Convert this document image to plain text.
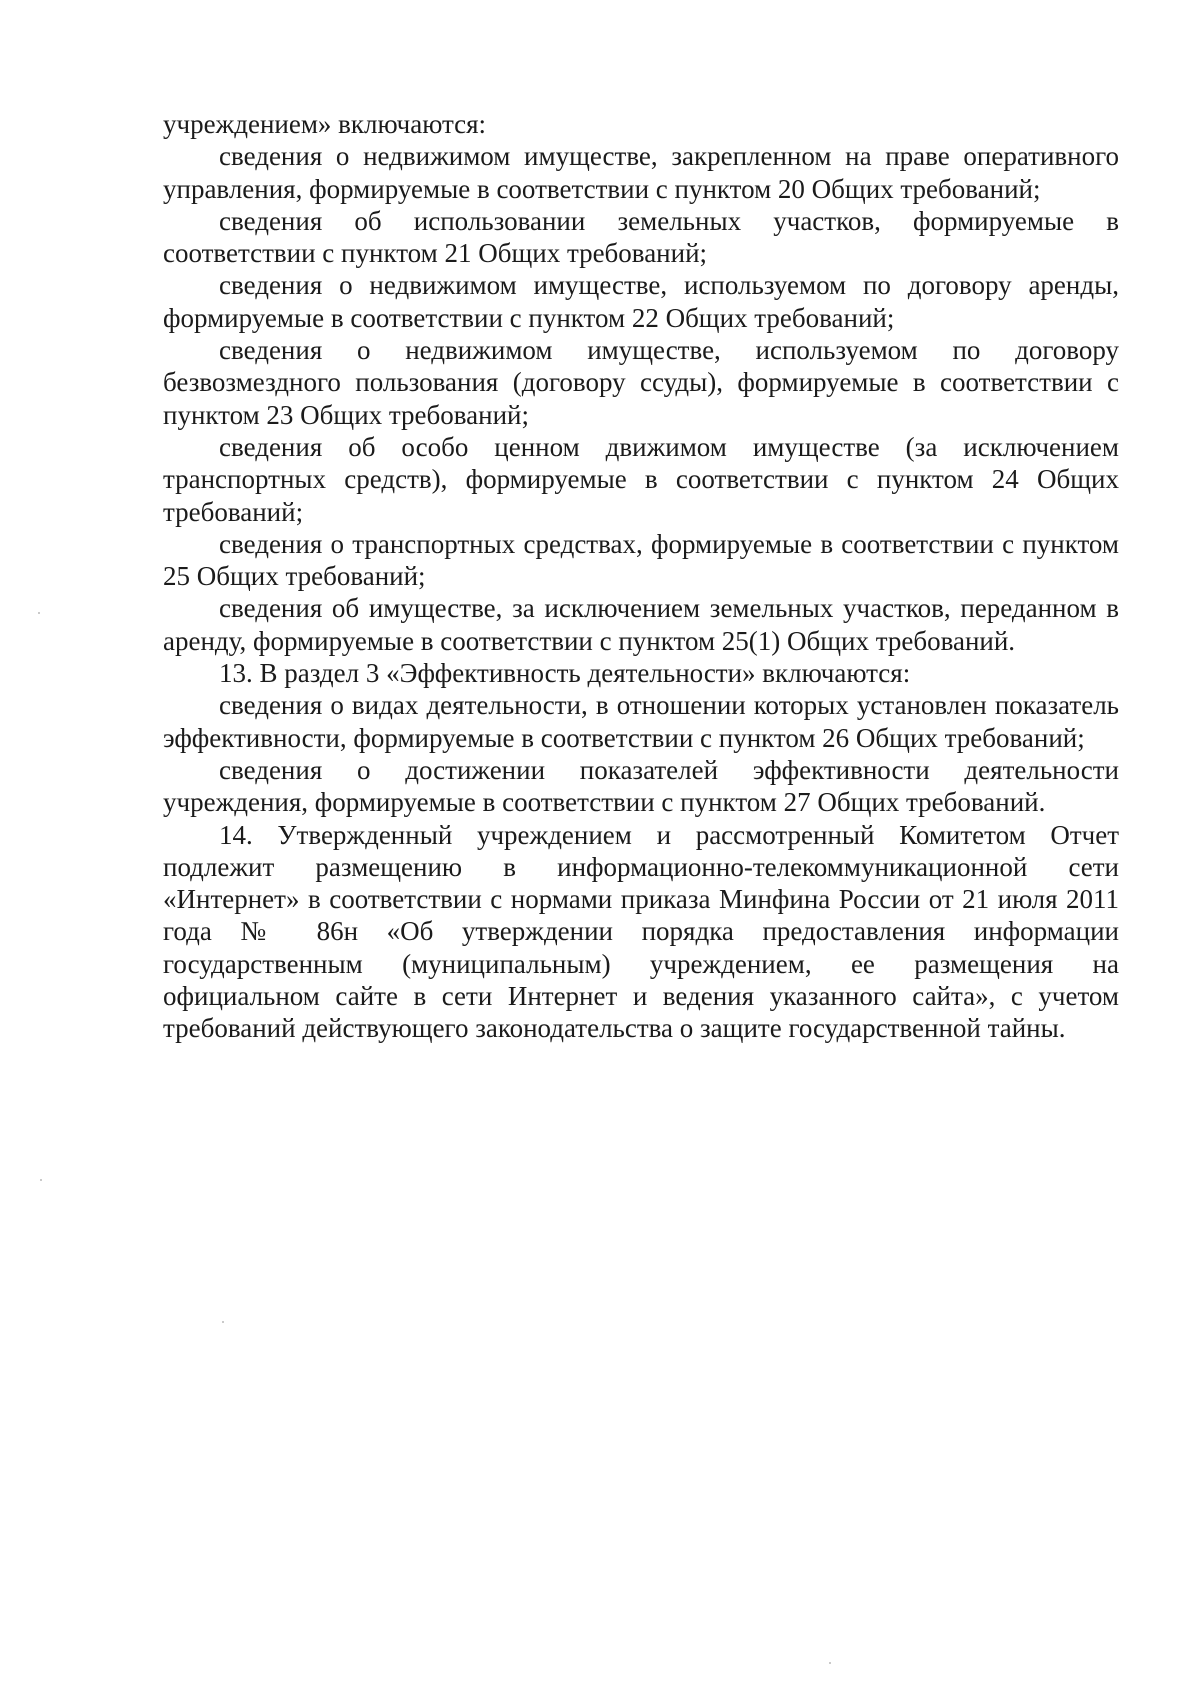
учреждением» включаются:

сведения о недвижимом имуществе, закрепленном на праве оперативного управления, формируемые в соответствии с пунктом 20 Общих требований;

сведения об использовании земельных участков, формируемые в соответствии с пунктом 21 Общих требований;

сведения о недвижимом имуществе, используемом по договору аренды, формируемые в соответствии с пунктом 22 Общих требований;

сведения о недвижимом имуществе, используемом по договору безвозмездного пользования (договору ссуды), формируемые в соответствии с пунктом 23 Общих требований;

сведения об особо ценном движимом имуществе (за исключением транспортных средств), формируемые в соответствии с пунктом 24 Общих требований;

сведения о транспортных средствах, формируемые в соответствии с пунктом 25 Общих требований;

сведения об имуществе, за исключением земельных участков, переданном в аренду, формируемые в соответствии с пунктом 25(1) Общих требований.

13. В раздел 3 «Эффективность деятельности» включаются:

сведения о видах деятельности, в отношении которых установлен показатель эффективности, формируемые в соответствии с пунктом 26 Общих требований;

сведения о достижении показателей эффективности деятельности учреждения, формируемые в соответствии с пунктом 27 Общих требований.

14. Утвержденный учреждением и рассмотренный Комитетом Отчет подлежит размещению в информационно-телекоммуникационной сети «Интернет» в соответствии с нормами приказа Минфина России от 21 июля 2011 года № 86н «Об утверждении порядка предоставления информации государственным (муниципальным) учреждением, ее размещения на официальном сайте в сети Интернет и ведения указанного сайта», с учетом требований действующего законодательства о защите государственной тайны.
